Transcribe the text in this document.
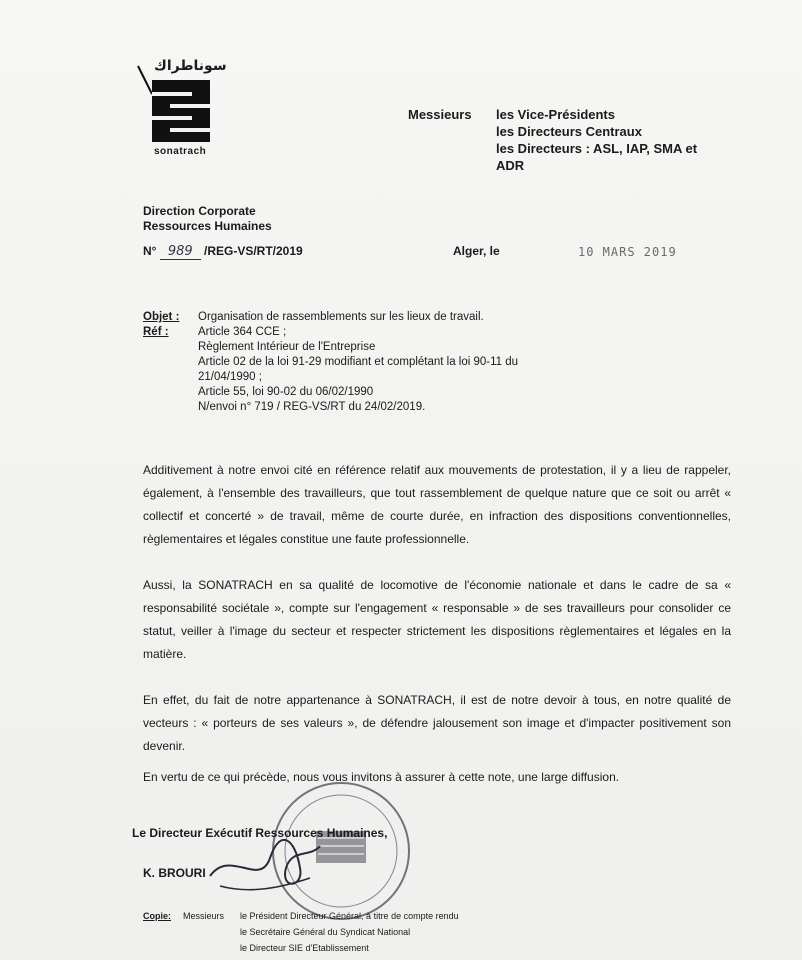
سوناطراك
sonatrach
Messieurs les Vice-Présidents
les Directeurs Centraux
les Directeurs : ASL, IAP, SMA et
ADR
Direction Corporate
Ressources Humaines
N° 989 /REG-VS/RT/2019	Alger, le	10 MARS 2019
Objet : Organisation de rassemblements sur les lieux de travail.
Réf :	Article 364 CCE ;
Règlement Intérieur de l'Entreprise
Article 02 de la loi 91-29 modifiant et complétant la loi 90-11 du
21/04/1990 ;
Article 55, loi 90-02 du 06/02/1990
N/envoi n° 719 / REG-VS/RT du 24/02/2019.
Additivement à notre envoi cité en référence relatif aux mouvements de protestation, il y a lieu de rappeler, également, à l'ensemble des travailleurs, que tout rassemblement de quelque nature que ce soit ou arrêt « collectif et concerté » de travail, même de courte durée, en infraction des dispositions conventionnelles, règlementaires et légales constitue une faute professionnelle.
Aussi, la SONATRACH en sa qualité de locomotive de l'économie nationale et dans le cadre de sa « responsabilité sociétale », compte sur l'engagement « responsable » de ses travailleurs pour consolider ce statut, veiller à l'image du secteur et respecter strictement les dispositions règlementaires et légales en la matière.
En effet, du fait de notre appartenance à SONATRACH, il est de notre devoir à tous, en notre qualité de vecteurs : « porteurs de ses valeurs », de défendre jalousement son image et d'impacter positivement son devenir.
En vertu de ce qui précède, nous vous invitons à assurer à cette note, une large diffusion.
Le Directeur Exécutif Ressources Humaines,
K. BROURI
Copie: Messieurs le Président Directeur Général, à titre de compte rendu
le Secrétaire Général du Syndicat National
le Directeur SIE d'Etablissement
